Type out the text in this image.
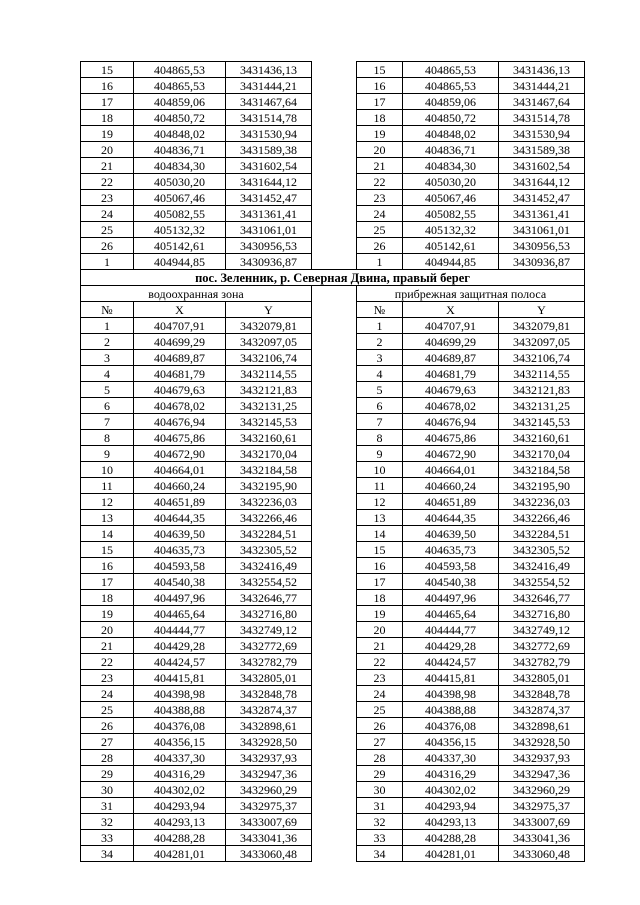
15	404865,53	3431436,13		15	404865,53	3431436,13
16	404865,53	3431444,21		16	404865,53	3431444,21
17	404859,06	3431467,64		17	404859,06	3431467,64
18	404850,72	3431514,78		18	404850,72	3431514,78
19	404848,02	3431530,94		19	404848,02	3431530,94
20	404836,71	3431589,38		20	404836,71	3431589,38
21	404834,30	3431602,54		21	404834,30	3431602,54
22	405030,20	3431644,12		22	405030,20	3431644,12
23	405067,46	3431452,47		23	405067,46	3431452,47
24	405082,55	3431361,41		24	405082,55	3431361,41
25	405132,32	3431061,01		25	405132,32	3431061,01
26	405142,61	3430956,53		26	405142,61	3430956,53
1	404944,85	3430936,87		1	404944,85	3430936,87
пос. Зеленник, р. Северная Двина, правый берег						
водоохранная зона				прибрежная защитная полоса		
№	X	Y		№	X	Y
1	404707,91	3432079,81		1	404707,91	3432079,81
2	404699,29	3432097,05		2	404699,29	3432097,05
3	404689,87	3432106,74		3	404689,87	3432106,74
4	404681,79	3432114,55		4	404681,79	3432114,55
5	404679,63	3432121,83		5	404679,63	3432121,83
6	404678,02	3432131,25		6	404678,02	3432131,25
7	404676,94	3432145,53		7	404676,94	3432145,53
8	404675,86	3432160,61		8	404675,86	3432160,61
9	404672,90	3432170,04		9	404672,90	3432170,04
10	404664,01	3432184,58		10	404664,01	3432184,58
11	404660,24	3432195,90		11	404660,24	3432195,90
12	404651,89	3432236,03		12	404651,89	3432236,03
13	404644,35	3432266,46		13	404644,35	3432266,46
14	404639,50	3432284,51		14	404639,50	3432284,51
15	404635,73	3432305,52		15	404635,73	3432305,52
16	404593,58	3432416,49		16	404593,58	3432416,49
17	404540,38	3432554,52		17	404540,38	3432554,52
18	404497,96	3432646,77		18	404497,96	3432646,77
19	404465,64	3432716,80		19	404465,64	3432716,80
20	404444,77	3432749,12		20	404444,77	3432749,12
21	404429,28	3432772,69		21	404429,28	3432772,69
22	404424,57	3432782,79		22	404424,57	3432782,79
23	404415,81	3432805,01		23	404415,81	3432805,01
24	404398,98	3432848,78		24	404398,98	3432848,78
25	404388,88	3432874,37		25	404388,88	3432874,37
26	404376,08	3432898,61		26	404376,08	3432898,61
27	404356,15	3432928,50		27	404356,15	3432928,50
28	404337,30	3432937,93		28	404337,30	3432937,93
29	404316,29	3432947,36		29	404316,29	3432947,36
30	404302,02	3432960,29		30	404302,02	3432960,29
31	404293,94	3432975,37		31	404293,94	3432975,37
32	404293,13	3433007,69		32	404293,13	3433007,69
33	404288,28	3433041,36		33	404288,28	3433041,36
34	404281,01	3433060,48		34	404281,01	3433060,48
